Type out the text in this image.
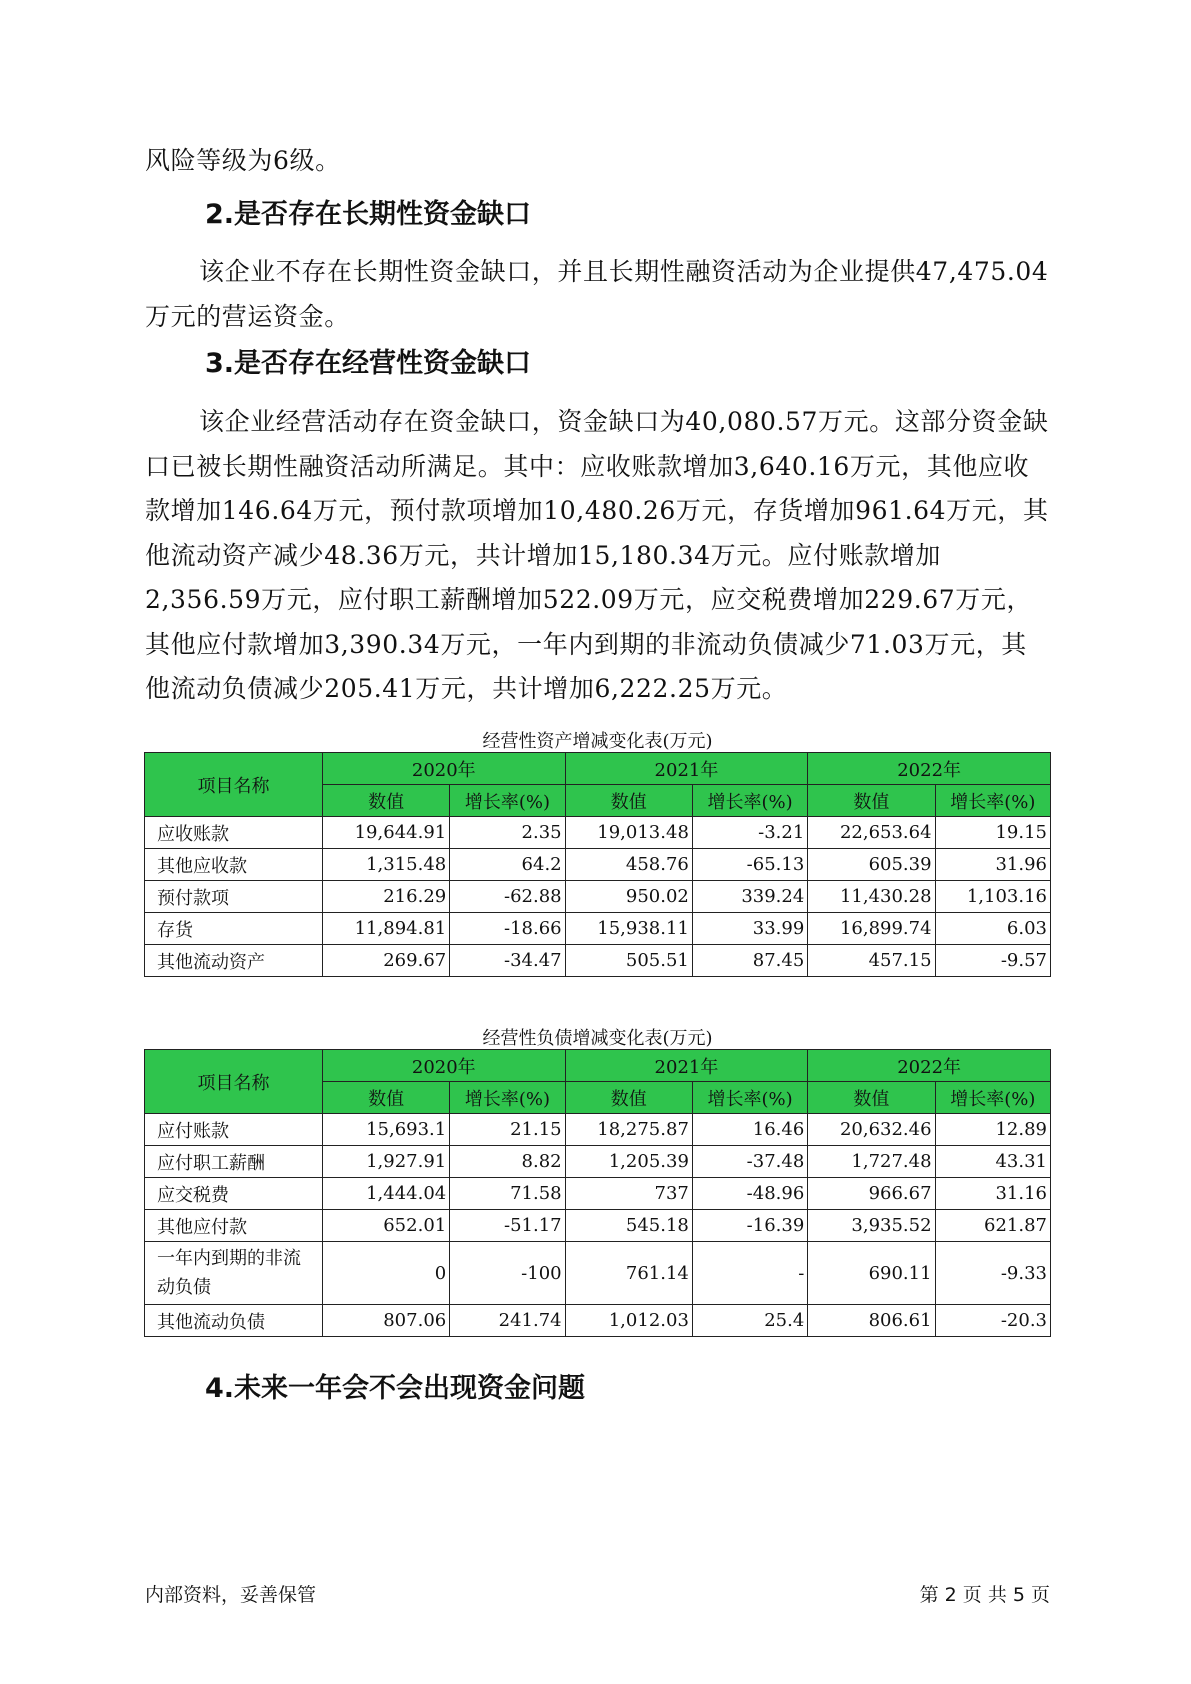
风险等级为6级。

2.是否存在长期性资金缺口

该企业不存在长期性资金缺口，并且长期性融资活动为企业提供47,475.04万元的营运资金。

3.是否存在经营性资金缺口

该企业经营活动存在资金缺口，资金缺口为40,080.57万元。这部分资金缺口已被长期性融资活动所满足。其中：应收账款增加3,640.16万元，其他应收款增加146.64万元，预付款项增加10,480.26万元，存货增加961.64万元，其他流动资产减少48.36万元，共计增加15,180.34万元。应付账款增加2,356.59万元，应付职工薪酬增加522.09万元，应交税费增加229.67万元，其他应付款增加3,390.34万元，一年内到期的非流动负债减少71.03万元，其他流动负债减少205.41万元，共计增加6,222.25万元。

经营性资产增减变化表(万元)
项目名称	2020年		2021年		2022年	
	数值	增长率(%)	数值	增长率(%)	数值	增长率(%)
应收账款	19,644.91	2.35	19,013.48	-3.21	22,653.64	19.15
其他应收款	1,315.48	64.2	458.76	-65.13	605.39	31.96
预付款项	216.29	-62.88	950.02	339.24	11,430.28	1,103.16
存货	11,894.81	-18.66	15,938.11	33.99	16,899.74	6.03
其他流动资产	269.67	-34.47	505.51	87.45	457.15	-9.57
经营性负债增减变化表(万元)
项目名称	2020年		2021年		2022年	
	数值	增长率(%)	数值	增长率(%)	数值	增长率(%)
应付账款	15,693.1	21.15	18,275.87	16.46	20,632.46	12.89
应付职工薪酬	1,927.91	8.82	1,205.39	-37.48	1,727.48	43.31
应交税费	1,444.04	71.58	737	-48.96	966.67	31.16
其他应付款	652.01	-51.17	545.18	-16.39	3,935.52	621.87
一年内到期的非流动负债	0	-100	761.14	-	690.11	-9.33
其他流动负债	807.06	241.74	1,012.03	25.4	806.61	-20.3
4.未来一年会不会出现资金问题
内部资料，妥善保管	第 2 页 共 5 页
